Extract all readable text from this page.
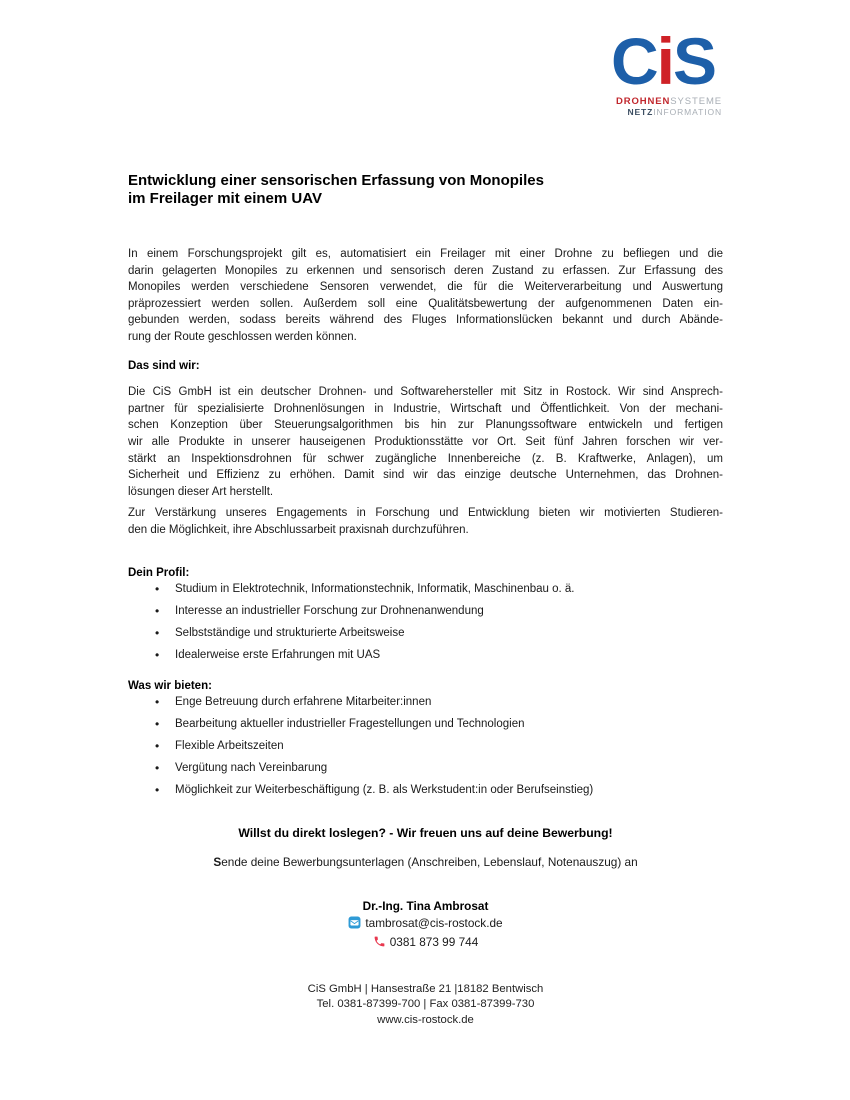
CiS
DROHNENSYSTEME
NETZINFORMATION
Entwicklung einer sensorischen Erfassung von Monopiles
im Freilager mit einem UAV
In einem Forschungsprojekt gilt es, automatisiert ein Freilager mit einer Drohne zu befliegen und die
darin gelagerten Monopiles zu erkennen und sensorisch deren Zustand zu erfassen. Zur Erfassung des
Monopiles werden verschiedene Sensoren verwendet, die für die Weiterverarbeitung und Auswertung
präprozessiert werden sollen. Außerdem soll eine Qualitätsbewertung der aufgenommenen Daten ein-
gebunden werden, sodass bereits während des Fluges Informationslücken bekannt und durch Abände-
rung der Route geschlossen werden können.
Das sind wir:
Die CiS GmbH ist ein deutscher Drohnen- und Softwarehersteller mit Sitz in Rostock. Wir sind Ansprech-
partner für spezialisierte Drohnenlösungen in Industrie, Wirtschaft und Öffentlichkeit. Von der mechani-
schen Konzeption über Steuerungsalgorithmen bis hin zur Planungssoftware entwickeln und fertigen
wir alle Produkte in unserer hauseigenen Produktionsstätte vor Ort. Seit fünf Jahren forschen wir ver-
stärkt an Inspektionsdrohnen für schwer zugängliche Innenbereiche (z. B. Kraftwerke, Anlagen), um
Sicherheit und Effizienz zu erhöhen. Damit sind wir das einzige deutsche Unternehmen, das Drohnen-
lösungen dieser Art herstellt.
Zur Verstärkung unseres Engagements in Forschung und Entwicklung bieten wir motivierten Studieren-
den die Möglichkeit, ihre Abschlussarbeit praxisnah durchzuführen.
Dein Profil:
• Studium in Elektrotechnik, Informationstechnik, Informatik, Maschinenbau o. ä.
• Interesse an industrieller Forschung zur Drohnenanwendung
• Selbstständige und strukturierte Arbeitsweise
• Idealerweise erste Erfahrungen mit UAS
Was wir bieten:
• Enge Betreuung durch erfahrene Mitarbeiter:innen
• Bearbeitung aktueller industrieller Fragestellungen und Technologien
• Flexible Arbeitszeiten
• Vergütung nach Vereinbarung
• Möglichkeit zur Weiterbeschäftigung (z. B. als Werkstudent:in oder Berufseinstieg)
Willst du direkt loslegen? - Wir freuen uns auf deine Bewerbung!
Sende deine Bewerbungsunterlagen (Anschreiben, Lebenslauf, Notenauszug) an
Dr.-Ing. Tina Ambrosat
tambrosat@cis-rostock.de
0381 873 99 744
CiS GmbH | Hansestraße 21 |18182 Bentwisch
Tel. 0381-87399-700 | Fax 0381-87399-730
www.cis-rostock.de
